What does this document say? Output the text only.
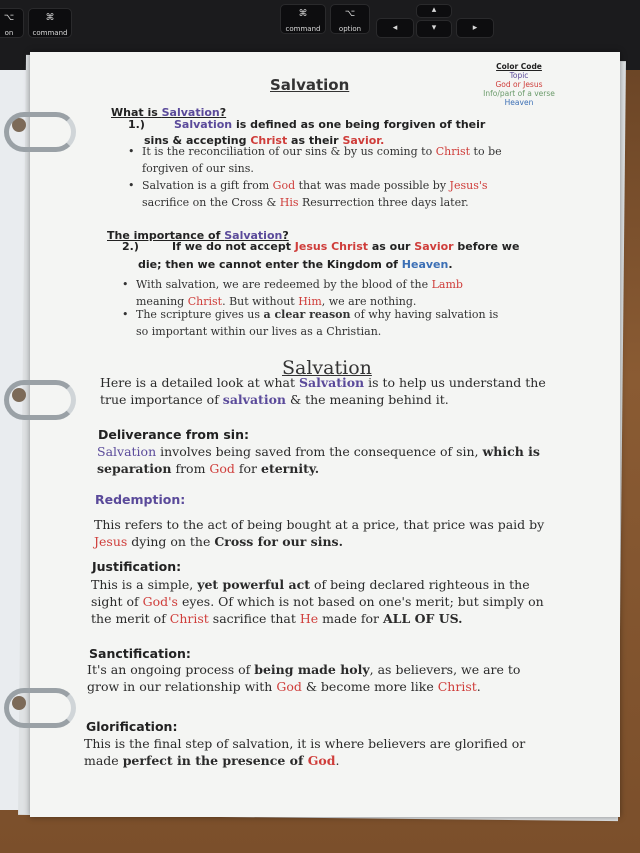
⌥
on
⌘
command
⌘
command
⌥
option	◂
▴
▾	▸
Color Code
Topic
God or Jesus
Info/part of a verse
Heaven
Salvation
What is Salvation?
1.)	Salvation is defined as one being forgiven of their
sins & accepting Christ as their Savior.
• It is the reconciliation of our sins & by us coming to Christ to be
forgiven of our sins.
• Salvation is a gift from God that was made possible by Jesus's
sacrifice on the Cross & His Resurrection three days later.
The importance of Salvation?
2.)	If we do not accept Jesus Christ as our Savior before we
die; then we cannot enter the Kingdom of Heaven.
• With salvation, we are redeemed by the blood of the Lamb
meaning Christ. But without Him, we are nothing.
• The scripture gives us a clear reason of why having salvation is
so important within our lives as a Christian.
Salvation
Here is a detailed look at what Salvation is to help us understand the
true importance of salvation & the meaning behind it.
Deliverance from sin:
Salvation involves being saved from the consequence of sin, which is
separation from God for eternity.
Redemption:

This refers to the act of being bought at a price, that price was paid by
Jesus dying on the Cross for our sins.
Justification:
This is a simple, yet powerful act of being declared righteous in the
sight of God's eyes. Of which is not based on one's merit; but simply on
the merit of Christ sacrifice that He made for ALL OF US.
Sanctification:
It's an ongoing process of being made holy, as believers, we are to
grow in our relationship with God & become more like Christ.
Glorification:
This is the final step of salvation, it is where believers are glorified or
made perfect in the presence of God.
